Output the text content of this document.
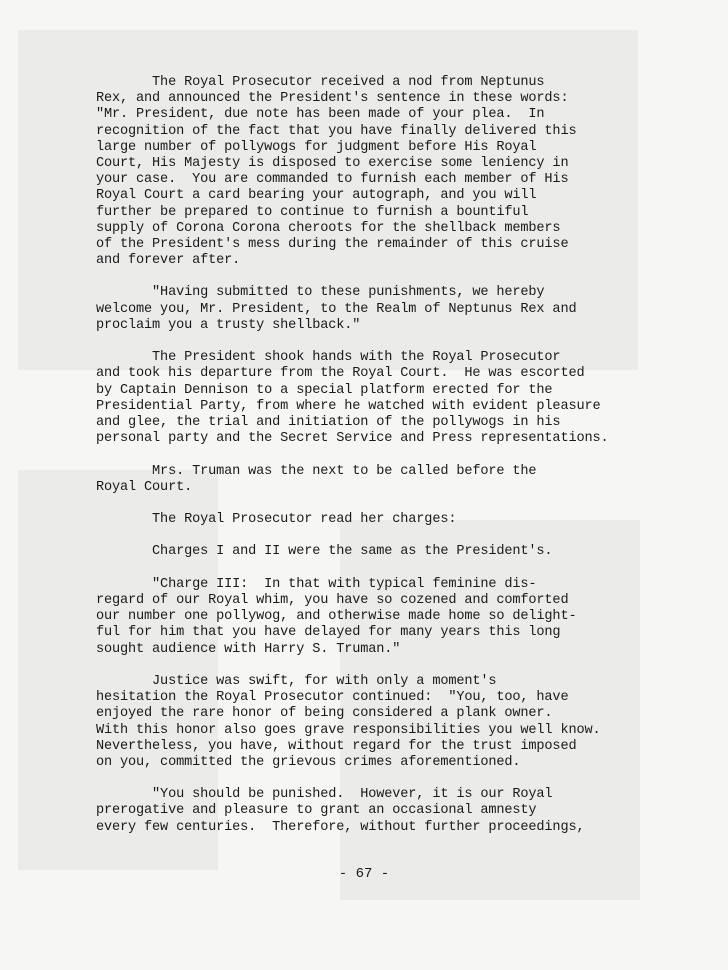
The Royal Prosecutor received a nod from Neptunus
Rex, and announced the President's sentence in these words:
"Mr. President, due note has been made of your plea.  In
recognition of the fact that you have finally delivered this
large number of pollywogs for judgment before His Royal
Court, His Majesty is disposed to exercise some leniency in
your case.  You are commanded to furnish each member of His
Royal Court a card bearing your autograph, and you will
further be prepared to continue to furnish a bountiful
supply of Corona Corona cheroots for the shellback members
of the President's mess during the remainder of this cruise
and forever after.
"Having submitted to these punishments, we hereby
welcome you, Mr. President, to the Realm of Neptunus Rex and
proclaim you a trusty shellback."
The President shook hands with the Royal Prosecutor
and took his departure from the Royal Court.  He was escorted
by Captain Dennison to a special platform erected for the
Presidential Party, from where he watched with evident pleasure
and glee, the trial and initiation of the pollywogs in his
personal party and the Secret Service and Press representations.
Mrs. Truman was the next to be called before the
Royal Court.
The Royal Prosecutor read her charges:
Charges I and II were the same as the President's.
"Charge III:  In that with typical feminine dis-
regard of our Royal whim, you have so cozened and comforted
our number one pollywog, and otherwise made home so delight-
ful for him that you have delayed for many years this long
sought audience with Harry S. Truman."
Justice was swift, for with only a moment's
hesitation the Royal Prosecutor continued:  "You, too, have
enjoyed the rare honor of being considered a plank owner.
With this honor also goes grave responsibilities you well know.
Nevertheless, you have, without regard for the trust imposed
on you, committed the grievous crimes aforementioned.
"You should be punished.  However, it is our Royal
prerogative and pleasure to grant an occasional amnesty
every few centuries.  Therefore, without further proceedings,
- 67 -
